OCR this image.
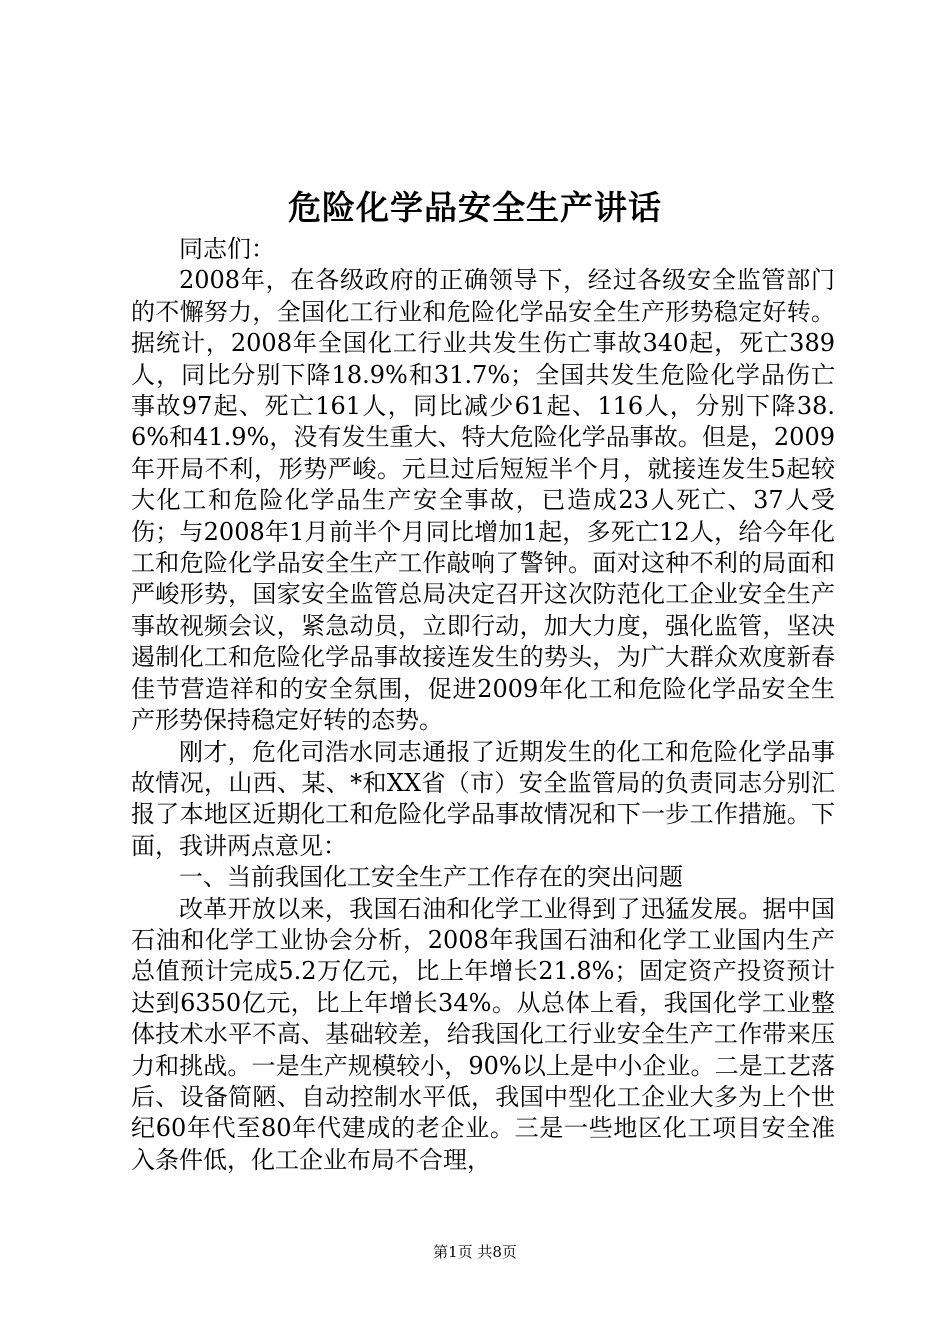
危险化学品安全生产讲话

同志们：

2008年，在各级政府的正确领导下，经过各级安全监管部门的不懈努力，全国化工行业和危险化学品安全生产形势稳定好转。据统计，2008年全国化工行业共发生伤亡事故340起，死亡389人，同比分别下降18.9%和31.7%；全国共发生危险化学品伤亡事故97起、死亡161人，同比减少61起、116人，分别下降38.6%和41.9%，没有发生重大、特大危险化学品事故。但是，2009年开局不利，形势严峻。元旦过后短短半个月，就接连发生5起较大化工和危险化学品生产安全事故，已造成23人死亡、37人受伤；与2008年1月前半个月同比增加1起，多死亡12人，给今年化工和危险化学品安全生产工作敲响了警钟。面对这种不利的局面和严峻形势，国家安全监管总局决定召开这次防范化工企业安全生产事故视频会议，紧急动员，立即行动，加大力度，强化监管，坚决遏制化工和危险化学品事故接连发生的势头，为广大群众欢度新春佳节营造祥和的安全氛围，促进2009年化工和危险化学品安全生产形势保持稳定好转的态势。

刚才，危化司浩水同志通报了近期发生的化工和危险化学品事故情况，山西、某、*和XX省（市）安全监管局的负责同志分别汇报了本地区近期化工和危险化学品事故情况和下一步工作措施。下面，我讲两点意见：

一、当前我国化工安全生产工作存在的突出问题

改革开放以来，我国石油和化学工业得到了迅猛发展。据中国石油和化学工业协会分析，2008年我国石油和化学工业国内生产总值预计完成5.2万亿元，比上年增长21.8%；固定资产投资预计达到6350亿元，比上年增长34%。从总体上看，我国化学工业整体技术水平不高、基础较差，给我国化工行业安全生产工作带来压力和挑战。一是生产规模较小，90%以上是中小企业。二是工艺落后、设备简陋、自动控制水平低，我国中型化工企业大多为上个世纪60年代至80年代建成的老企业。三是一些地区化工项目安全准入条件低，化工企业布局不合理，

第1页 共8页
